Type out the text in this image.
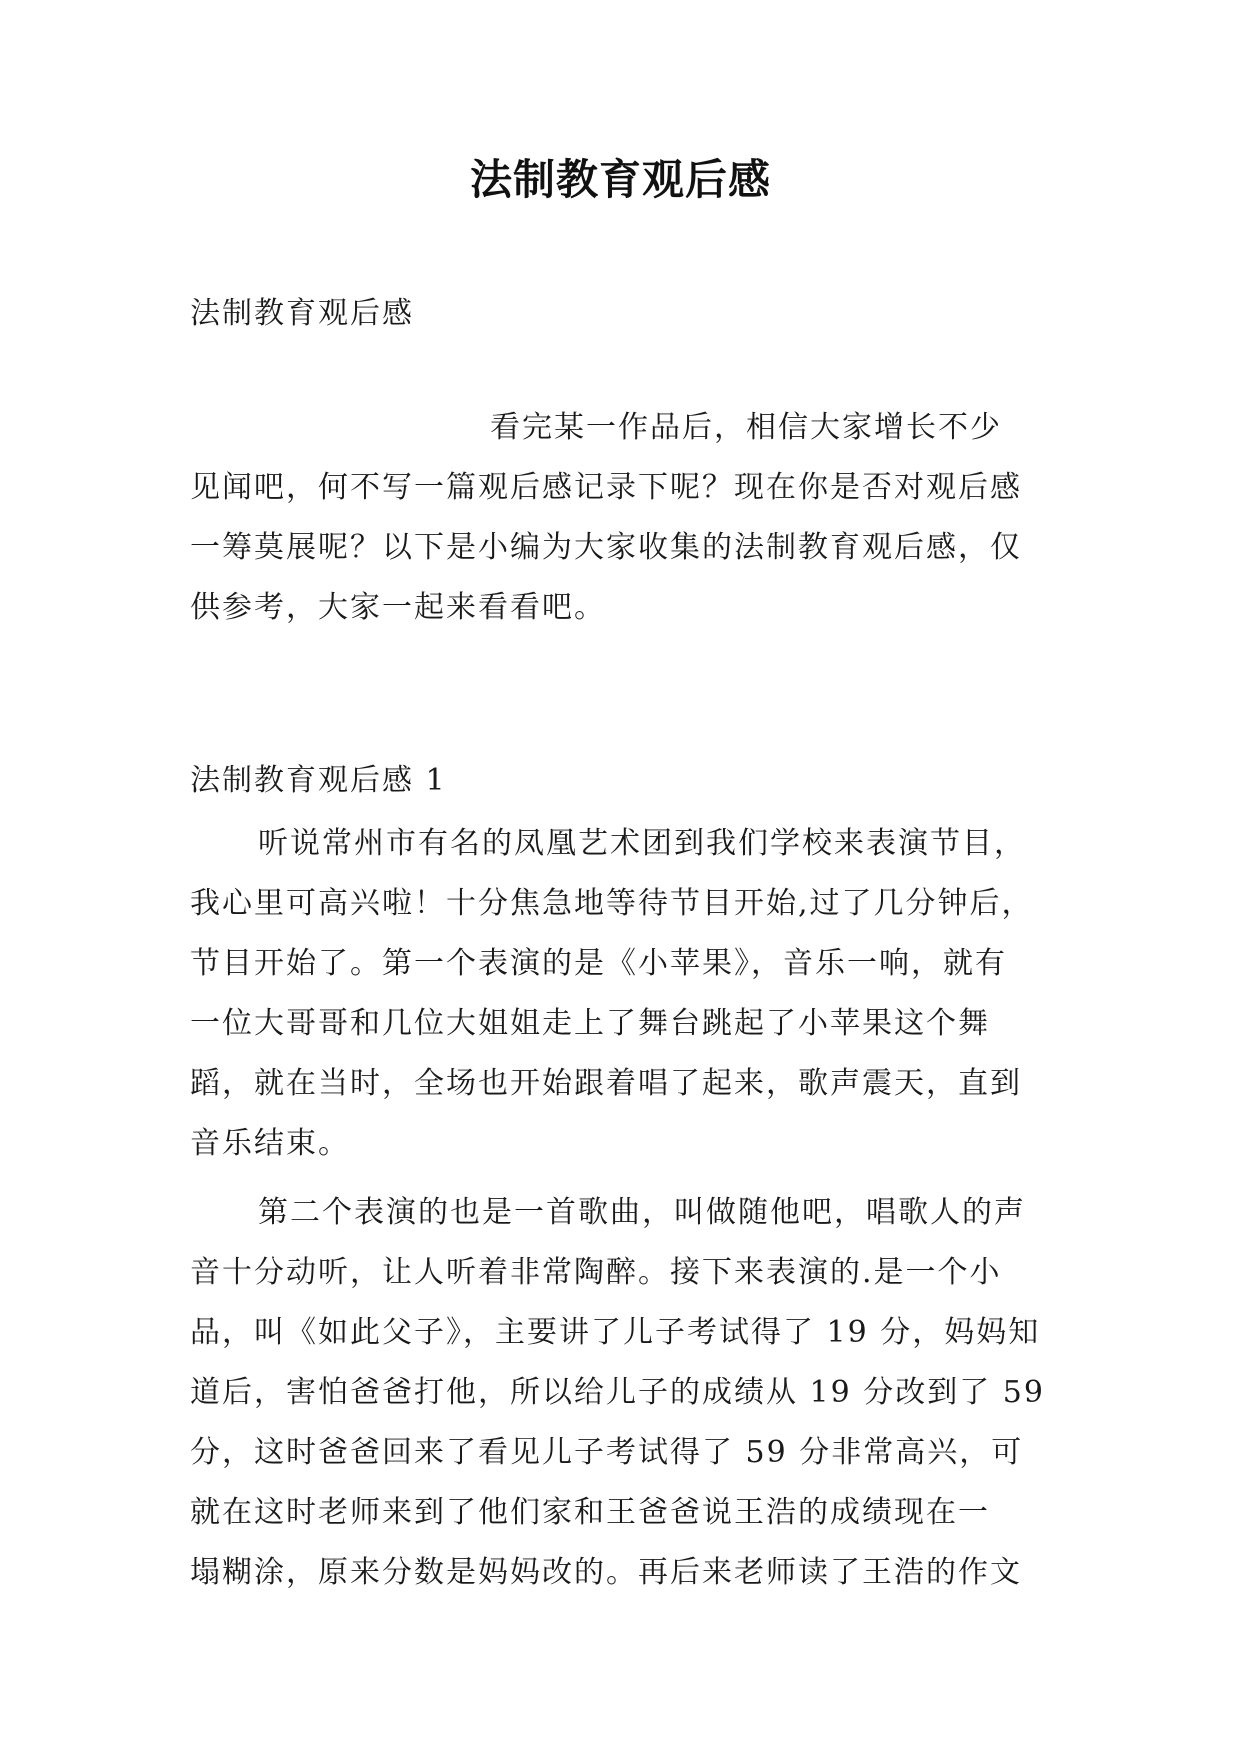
法制教育观后感
法制教育观后感
看完某一作品后，相信大家增长不少
见闻吧，何不写一篇观后感记录下呢？现在你是否对观后感
一筹莫展呢？以下是小编为大家收集的法制教育观后感，仅
供参考，大家一起来看看吧。
法制教育观后感 1
听说常州市有名的凤凰艺术团到我们学校来表演节目，
我心里可高兴啦！十分焦急地等待节目开始,过了几分钟后，
节目开始了。第一个表演的是《小苹果》，音乐一响，就有
一位大哥哥和几位大姐姐走上了舞台跳起了小苹果这个舞
蹈，就在当时，全场也开始跟着唱了起来，歌声震天，直到
音乐结束。
第二个表演的也是一首歌曲，叫做随他吧，唱歌人的声
音十分动听，让人听着非常陶醉。接下来表演的.是一个小
品，叫《如此父子》，主要讲了儿子考试得了 19 分，妈妈知
道后，害怕爸爸打他，所以给儿子的成绩从 19 分改到了 59
分，这时爸爸回来了看见儿子考试得了 59 分非常高兴，可
就在这时老师来到了他们家和王爸爸说王浩的成绩现在一
塌糊涂，原来分数是妈妈改的。再后来老师读了王浩的作文
